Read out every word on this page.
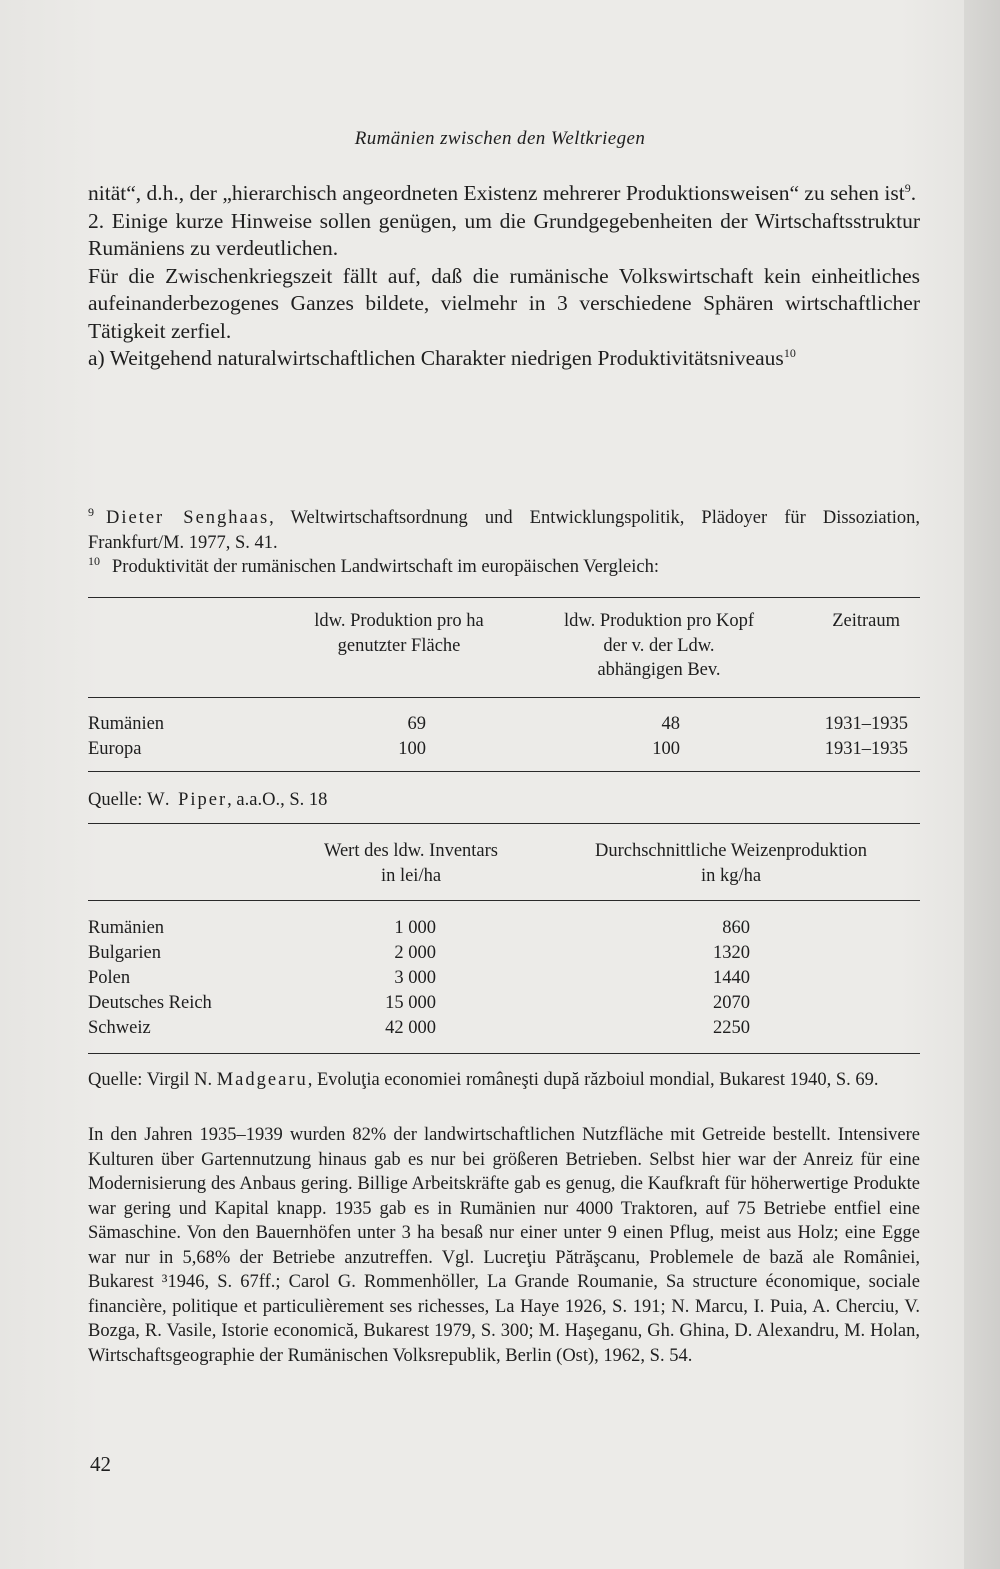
Rumänien zwischen den Weltkriegen

nität“, d.h., der „hierarchisch angeordneten Existenz mehrerer Produktionsweisen“ zu sehen ist$^9$.

2. Einige kurze Hinweise sollen genügen, um die Grundgegebenheiten der Wirtschaftsstruktur Rumäniens zu verdeutlichen.

Für die Zwischenkriegszeit fällt auf, daß die rumänische Volkswirtschaft kein einheitliches aufeinanderbezogenes Ganzes bildete, vielmehr in 3 verschiedene Sphären wirtschaftlicher Tätigkeit zerfiel.

a) Weitgehend naturalwirtschaftlichen Charakter niedrigen Produktivitätsniveaus$^{10}$

$^9$ Dieter Senghaas, Weltwirtschaftsordnung und Entwicklungspolitik, Plädoyer für Dissoziation, Frankfurt/M. 1977, S. 41.

$^{10}$ Produktivität der rumänischen Landwirtschaft im europäischen Vergleich:

ldw. Produktion pro ha
genutzter Fläche
ldw. Produktion pro Kopf
der v. der Ldw.
abhängigen Bev.
Zeitraum
Rumänien	69	48	1931–1935
Europa	100	100	1931–1935
Quelle: W. Piper, a.a.O., S. 18
Wert des ldw. Inventars
in lei/ha
Durchschnittliche Weizenproduktion
in kg/ha
Rumänien	1 000	860
Bulgarien	2 000	1320
Polen	3 000	1440
Deutsches Reich	15 000	2070
Schweiz	42 000	2250

Quelle: Virgil N. Madgearu, Evoluţia economiei româneşti după războiul mondial, Bukarest 1940, S. 69.

In den Jahren 1935–1939 wurden 82% der landwirtschaftlichen Nutzfläche mit Getreide bestellt. Intensivere Kulturen über Gartennutzung hinaus gab es nur bei größeren Betrieben. Selbst hier war der Anreiz für eine Modernisierung des Anbaus gering. Billige Arbeitskräfte gab es genug, die Kaufkraft für höherwertige Produkte war gering und Kapital knapp. 1935 gab es in Rumänien nur 4000 Traktoren, auf 75 Betriebe entfiel eine Sämaschine. Von den Bauernhöfen unter 3 ha besaß nur einer unter 9 einen Pflug, meist aus Holz; eine Egge war nur in 5,68% der Betriebe anzutreffen. Vgl. Lucreţiu Pătrăşcanu, Problemele de bază ale României, Bukarest ³1946, S. 67ff.; Carol G. Rommenhöller, La Grande Roumanie, Sa structure économique, sociale financière, politique et particulièrement ses richesses, La Haye 1926, S. 191; N. Marcu, I. Puia, A. Cherciu, V. Bozga, R. Vasile, Istorie economică, Bukarest 1979, S. 300; M. Haşeganu, Gh. Ghina, D. Alexandru, M. Holan, Wirtschaftsgeographie der Rumänischen Volksrepublik, Berlin (Ost), 1962, S. 54.

42
